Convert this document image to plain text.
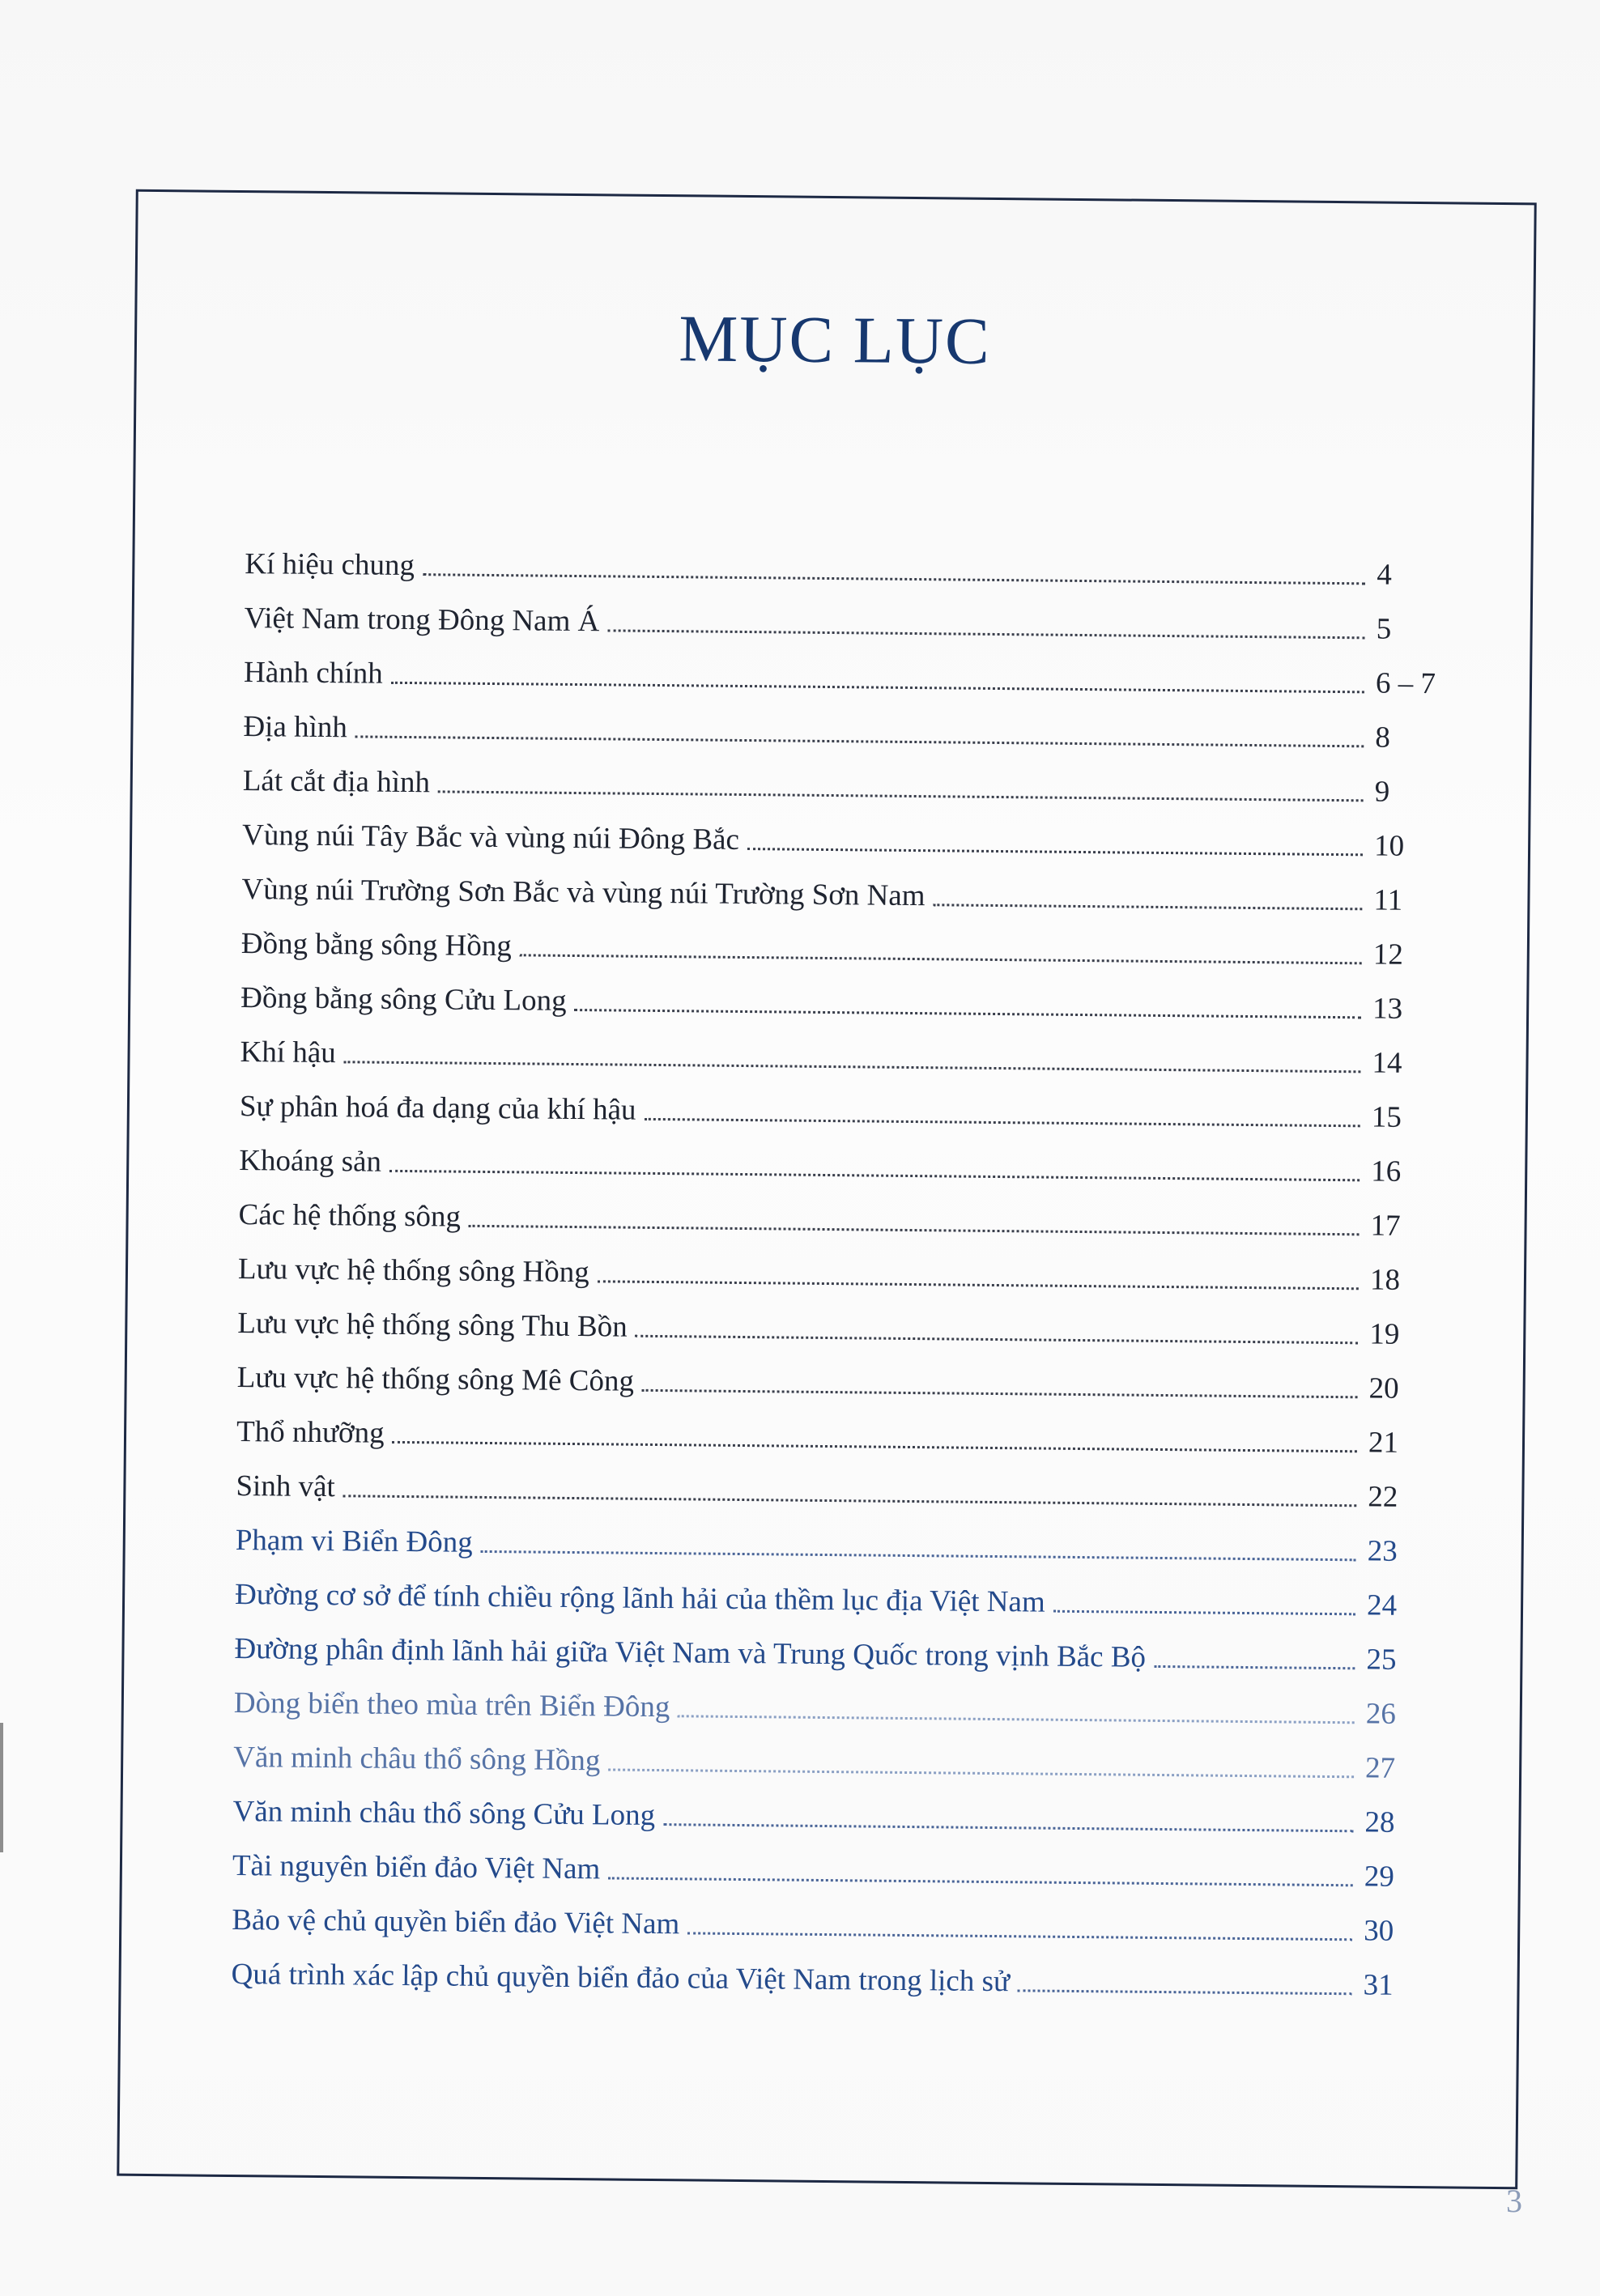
MỤC LỤC
Kí hiệu chung	4
Việt Nam trong Đông Nam Á	5
Hành chính	6 – 7
Địa hình	8
Lát cắt địa hình	9
Vùng núi Tây Bắc và vùng núi Đông Bắc	10
Vùng núi Trường Sơn Bắc và vùng núi Trường Sơn Nam	11
Đồng bằng sông Hồng	12
Đồng bằng sông Cửu Long	13
Khí hậu	14
Sự phân hoá đa dạng của khí hậu	15
Khoáng sản	16
Các hệ thống sông	17
Lưu vực hệ thống sông Hồng	18
Lưu vực hệ thống sông Thu Bồn	19
Lưu vực hệ thống sông Mê Công	20
Thổ nhưỡng	21
Sinh vật	22
Phạm vi Biển Đông	23
Đường cơ sở để tính chiều rộng lãnh hải của thềm lục địa Việt Nam	24
Đường phân định lãnh hải giữa Việt Nam và Trung Quốc trong vịnh Bắc Bộ	25
Dòng biển theo mùa trên Biển Đông	26
Văn minh châu thổ sông Hồng	27
Văn minh châu thổ sông Cửu Long	28
Tài nguyên biển đảo Việt Nam	29
Bảo vệ chủ quyền biển đảo Việt Nam	30
Quá trình xác lập chủ quyền biển đảo của Việt Nam trong lịch sử	31
3
